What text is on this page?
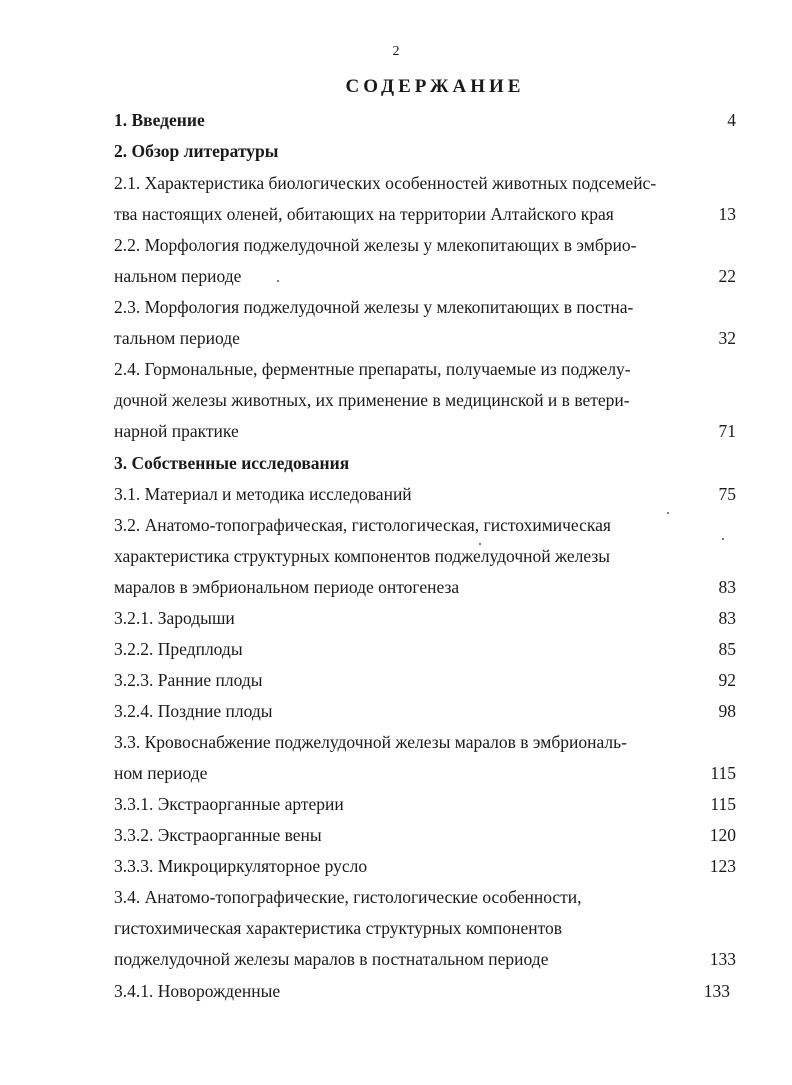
2
СОДЕРЖАНИЕ
1. Введение	4
2. Обзор литературы
2.1. Характеристика биологических особенностей животных подсемейс-
тва настоящих оленей, обитающих на территории Алтайского края	13
2.2. Морфология поджелудочной железы у млекопитающих в эмбрио-
нальном периоде	22
2.3. Морфология поджелудочной железы у млекопитающих в постна-
тальном периоде	32
2.4. Гормональные, ферментные препараты, получаемые из поджелу-
дочной железы животных, их применение в медицинской и в ветери-
нарной практике	71
3. Собственные исследования
3.1. Материал и методика исследований	75
3.2. Анатомо-топографическая, гистологическая, гистохимическая
характеристика структурных компонентов поджелудочной железы
маралов в эмбриональном периоде онтогенеза	83
3.2.1. Зародыши	83
3.2.2. Предплоды	85
3.2.3. Ранние плоды	92
3.2.4. Поздние плоды	98
3.3. Кровоснабжение поджелудочной железы маралов в эмбриональ-
ном периоде	115
3.3.1. Экстраорганные артерии	115
3.3.2. Экстраорганные вены	120
3.3.3. Микроциркуляторное русло	123
3.4. Анатомо-топографические, гистологические особенности,
гистохимическая характеристика структурных компонентов
поджелудочной железы маралов в постнатальном периоде	133
3.4.1. Новорожденные	133
